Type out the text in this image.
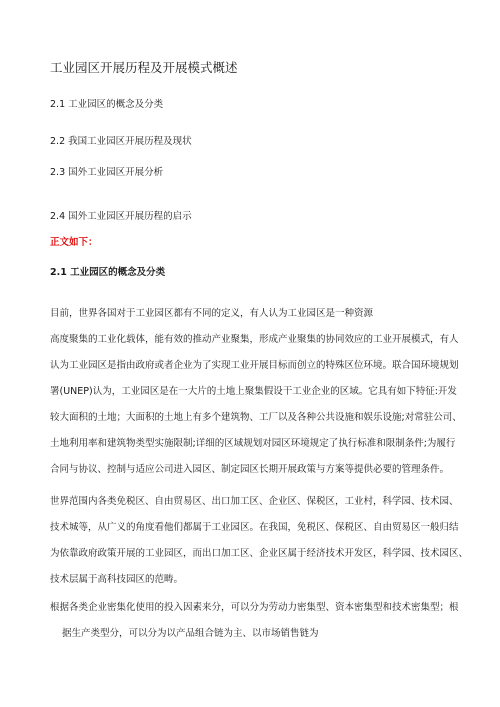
工业园区开展历程及开展模式概述
2.1 工业园区的概念及分类
2.2 我国工业园区开展历程及现状
2.3 国外工业园区开展分析
2.4 国外工业园区开展历程的启示
正文如下：
2.1 工业园区的概念及分类
目前，世界各国对于工业园区都有不同的定义，有人认为工业园区是一种资源
高度聚集的工业化载体，能有效的推动产业聚集，形成产业聚集的协同效应的工业开展模式，有人
认为工业园区是指由政府或者企业为了实现工业开展目标而创立的特殊区位环境。联合国环境规划
署(UNEP)认为，工业园区是在一大片的土地上聚集假设干工业企业的区域。它具有如下特征:开发
较大面积的土地；大面积的土地上有多个建筑物、工厂以及各种公共设施和娱乐设施;对常驻公司、
土地利用率和建筑物类型实施限制;详细的区域规划对园区环境规定了执行标准和限制条件;为履行
合同与协议、控制与适应公司进入园区、制定园区长期开展政策与方案等提供必要的管理条件。
世界范围内各类免税区、自由贸易区、出口加工区、企业区、保税区，工业村，科学园、技术园、
技术城等，从广义的角度看他们都属于工业园区。在我国，免税区、保税区、自由贸易区一般归结
为依靠政府政策开展的工业园区，而出口加工区、企业区属于经济技术开发区，科学园、技术园区、
技术层属于高科技园区的范畴。
根据各类企业密集化使用的投入因素来分，可以分为劳动力密集型、资本密集型和技术密集型；根
据生产类型分，可以分为以产品组合链为主、以市场销售链为
